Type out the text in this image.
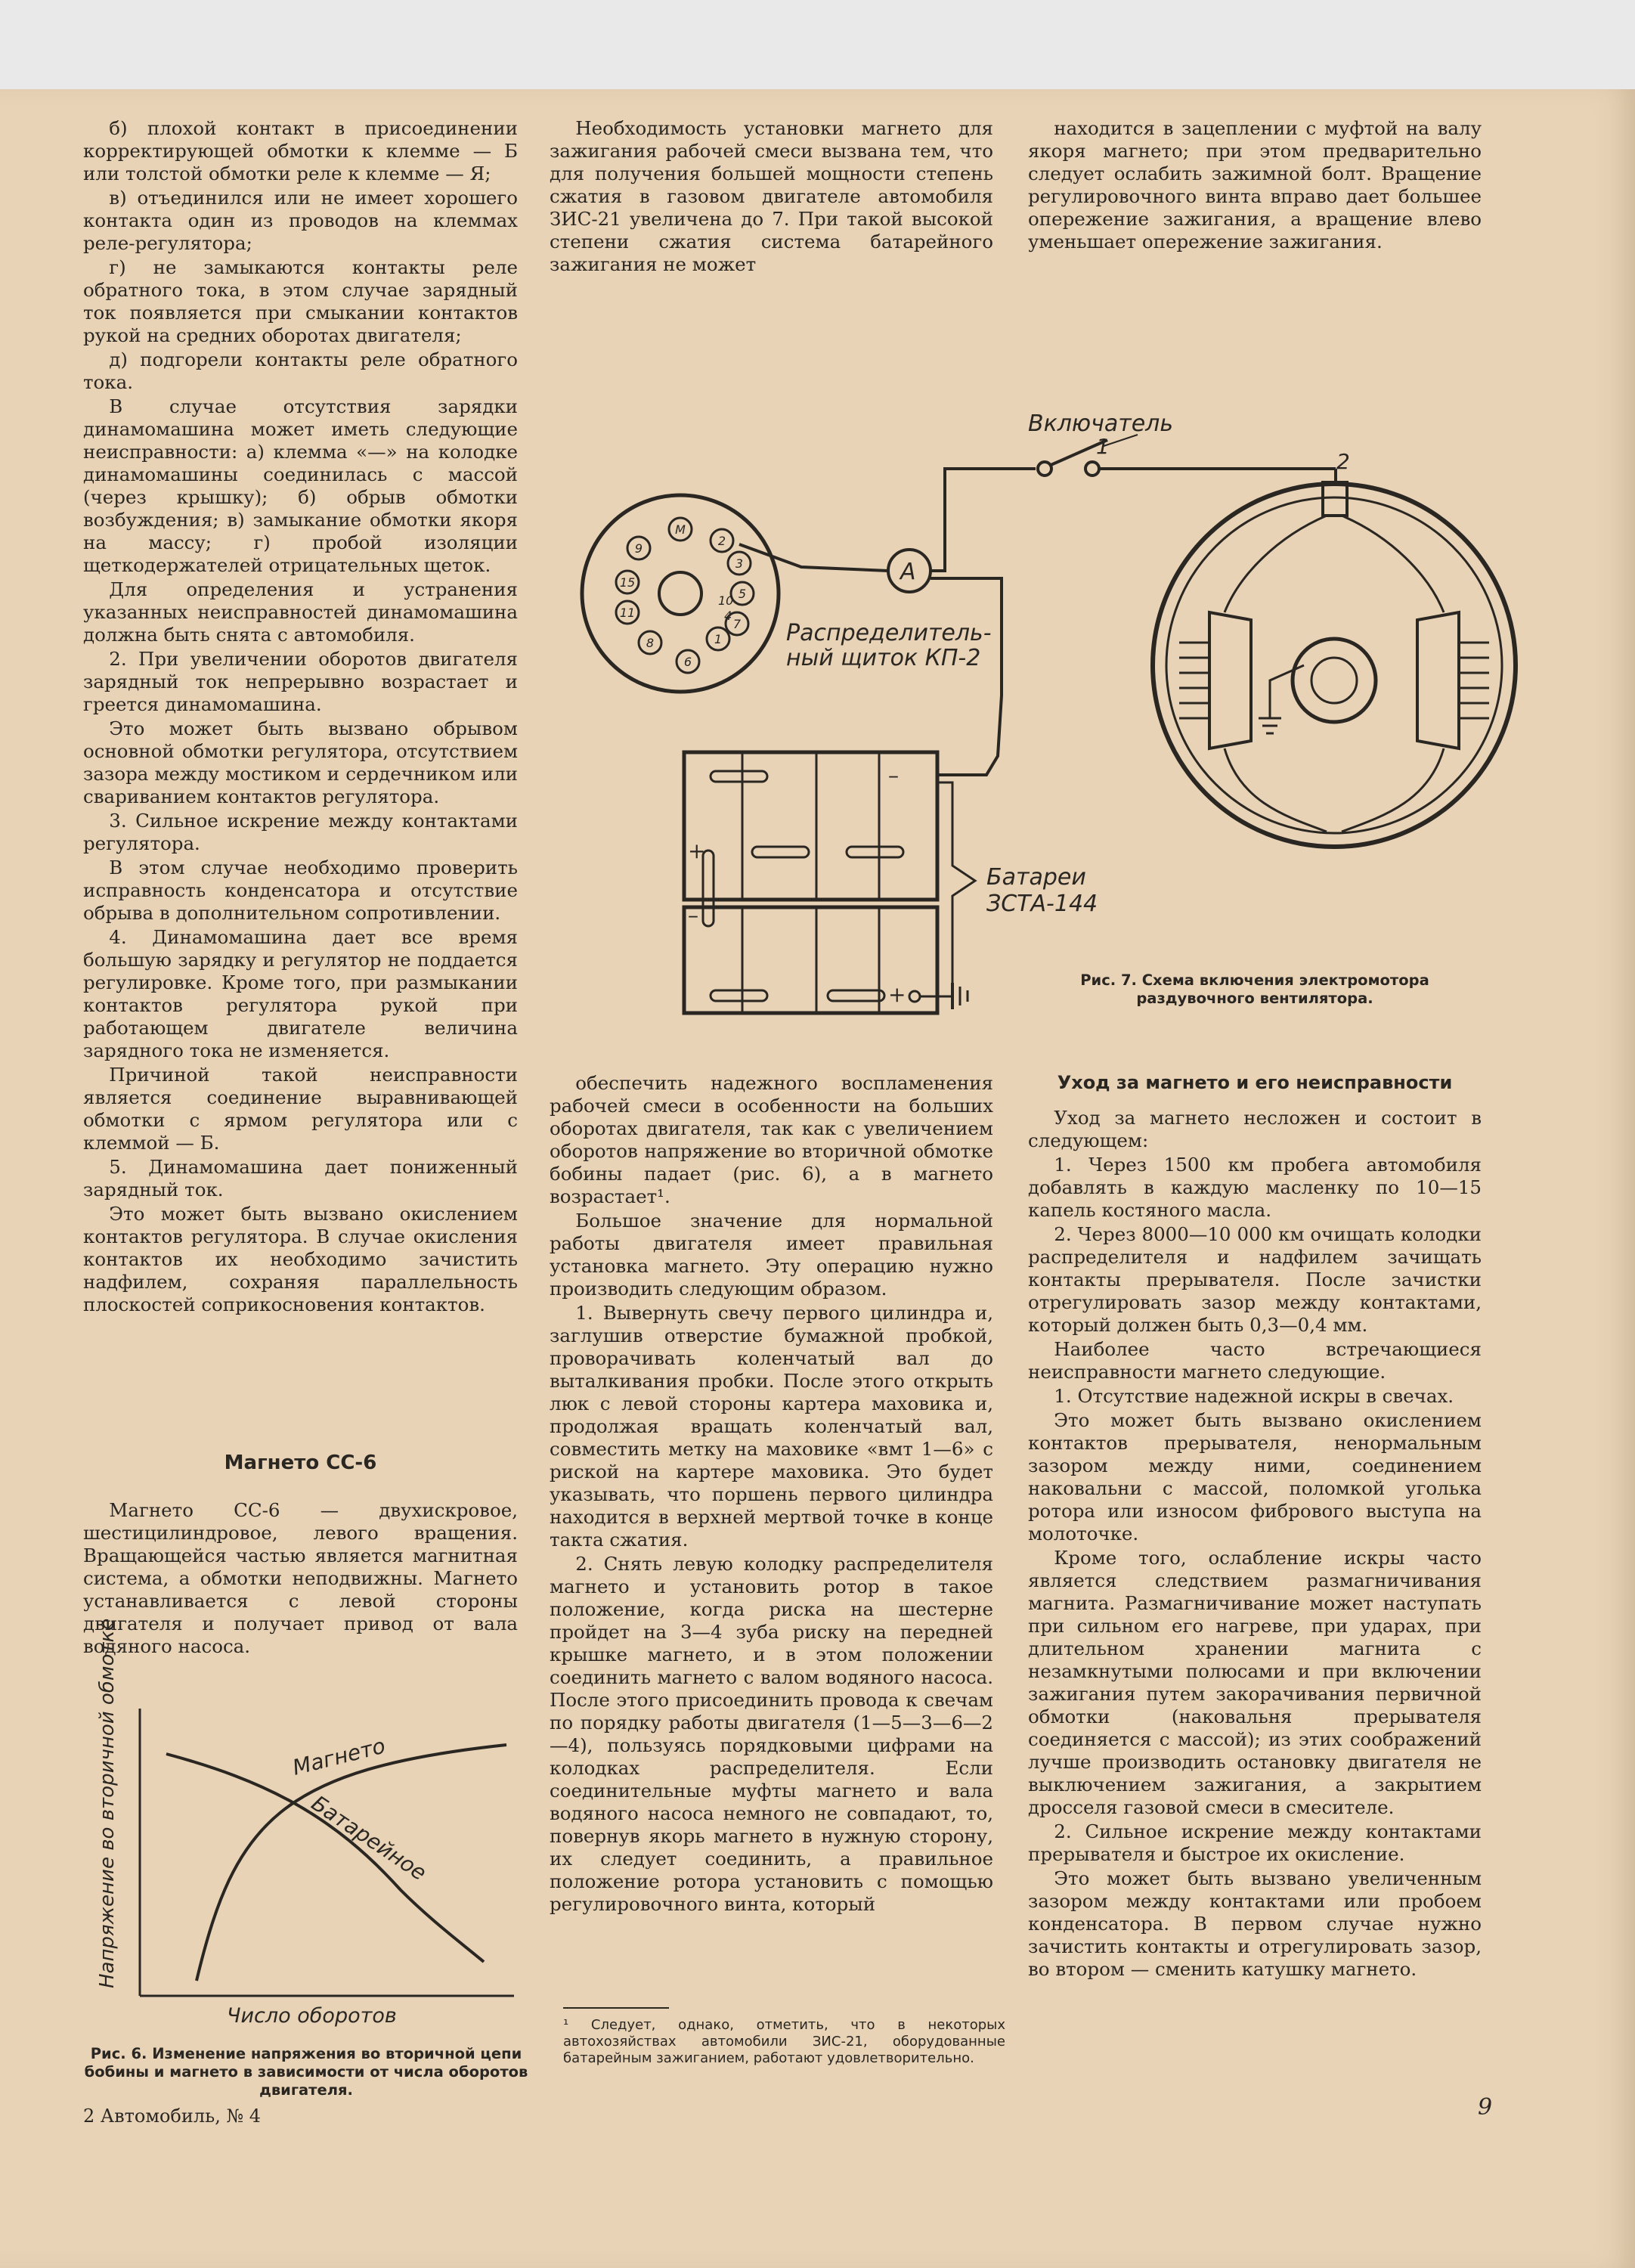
б) плохой контакт в присоединении корректирующей обмотки к клемме — Б или толстой обмотки реле к клемме — Я;

в) отъединился или не имеет хорошего контакта один из проводов на клеммах реле-регулятора;

г) не замыкаются контакты реле обратного тока, в этом случае зарядный ток появляется при смыкании контактов рукой на средних оборотах двигателя;

д) подгорели контакты реле обратного тока.

В случае отсутствия зарядки динамомашина может иметь следующие неисправности: а) клемма «—» на колодке динамомашины соединилась с массой (через крышку); б) обрыв обмотки возбуждения; в) замыкание обмотки якоря на массу; г) пробой изоляции щеткодержателей отрицательных щеток.

Для определения и устранения указанных неисправностей динамомашина должна быть снята с автомобиля.

2. При увеличении оборотов двигателя зарядный ток непрерывно возрастает и греется динамомашина.

Это может быть вызвано обрывом основной обмотки регулятора, отсутствием зазора между мостиком и сердечником или свариванием контактов регулятора.

3. Сильное искрение между контактами регулятора.

В этом случае необходимо проверить исправность конденсатора и отсутствие обрыва в дополнительном сопротивлении.

4. Динамомашина дает все время большую зарядку и регулятор не поддается регулировке. Кроме того, при размыкании контактов регулятора рукой при работающем двигателе величина зарядного тока не изменяется.

Причиной такой неисправности является соединение выравнивающей обмотки с ярмом регулятора или с клеммой — Б.

5. Динамомашина дает пониженный зарядный ток.

Это может быть вызвано окислением контактов регулятора. В случае окисления контактов их необходимо зачистить надфилем, сохраняя параллельность плоскостей соприкосновения контактов.

Магнето СС-6

Магнето СС-6 — двухискровое, шестицилиндровое, левого вращения. Вращающейся частью является магнитная система, а обмотки неподвижны. Магнето устанавливается с левой стороны двигателя и получает привод от вала водяного насоса.

Напряжение во вторичной обмотке	Магнето
Батарейное
Число оборотов
Рис. 6. Изменение напряжения во вторичной цепи бобины и магнето в зависимости от числа оборотов двигателя.

Необходимость установки магнето для зажигания рабочей смеси вызвана тем, что для получения большей мощности степень сжатия в газовом двигателе автомобиля ЗИС-21 увеличена до 7. При такой высокой степени сжатия система батарейного зажигания не может

находится в зацеплении с муфтой на валу якоря магнето; при этом предварительно следует ослабить зажимной болт. Вращение регулировочного винта вправо дает большее опережение зажигания, а вращение влево уменьшает опережение зажигания.

М
2
3
9
5
7
1
15
6
11
8
10
4
A
Включатель
1
2
–
+
–
+
Распределитель-
ный щиток КП-2
Батареи
ЗСТА-144
Рис. 7. Схема включения электромотора раздувочного вентилятора.

обеспечить надежного воспламенения рабочей смеси в особенности на больших оборотах двигателя, так как с увеличением оборотов напряжение во вторичной обмотке бобины падает (рис. 6), а в магнето возрастает¹.

Большое значение для нормальной работы двигателя имеет правильная установка магнето. Эту операцию нужно производить следующим образом.

1. Вывернуть свечу первого цилиндра и, заглушив отверстие бумажной пробкой, проворачивать коленчатый вал до выталкивания пробки. После этого открыть люк с левой стороны картера маховика и, продолжая вращать коленчатый вал, совместить метку на маховике «вмт 1—6» с риской на картере маховика. Это будет указывать, что поршень первого цилиндра находится в верхней мертвой точке в конце такта сжатия.

2. Снять левую колодку распределителя магнето и установить ротор в такое положение, когда риска на шестерне пройдет на 3—4 зуба риску на передней крышке магнето, и в этом положении соединить магнето с валом водяного насоса. После этого присоединить провода к свечам по порядку работы двигателя (1—5—3—6—2—4), пользуясь порядковыми цифрами на колодках распределителя. Если соединительные муфты магнето и вала водяного насоса немного не совпадают, то, повернув якорь магнето в нужную сторону, их следует соединить, а правильное положение ротора установить с помощью регулировочного винта, который

¹ Следует, однако, отметить, что в некоторых автохозяйствах автомобили ЗИС-21, оборудованные батарейным зажиганием, работают удовлетворительно.
Уход за магнето и его неисправности

Уход за магнето несложен и состоит в следующем:

1. Через 1500 км пробега автомобиля добавлять в каждую масленку по 10—15 капель костяного масла.

2. Через 8000—10 000 км очищать колодки распределителя и надфилем зачищать контакты прерывателя. После зачистки отрегулировать зазор между контактами, который должен быть 0,3—0,4 мм.

Наиболее часто встречающиеся неисправности магнето следующие.

1. Отсутствие надежной искры в свечах.

Это может быть вызвано окислением контактов прерывателя, ненормальным зазором между ними, соединением наковальни с массой, поломкой уголька ротора или износом фибрового выступа на молоточке.

Кроме того, ослабление искры часто является следствием размагничивания магнита. Размагничивание может наступать при сильном его нагреве, при ударах, при длительном хранении магнита с незамкнутыми полюсами и при включении зажигания путем закорачивания первичной обмотки (наковальня прерывателя соединяется с массой); из этих соображений лучше производить остановку двигателя не выключением зажигания, а закрытием дросселя газовой смеси в смесителе.

2. Сильное искрение между контактами прерывателя и быстрое их окисление.

Это может быть вызвано увеличенным зазором между контактами или пробоем конденсатора. В первом случае нужно зачистить контакты и отрегулировать зазор, во втором — сменить катушку магнето.

2 Автомобиль, № 4	9
